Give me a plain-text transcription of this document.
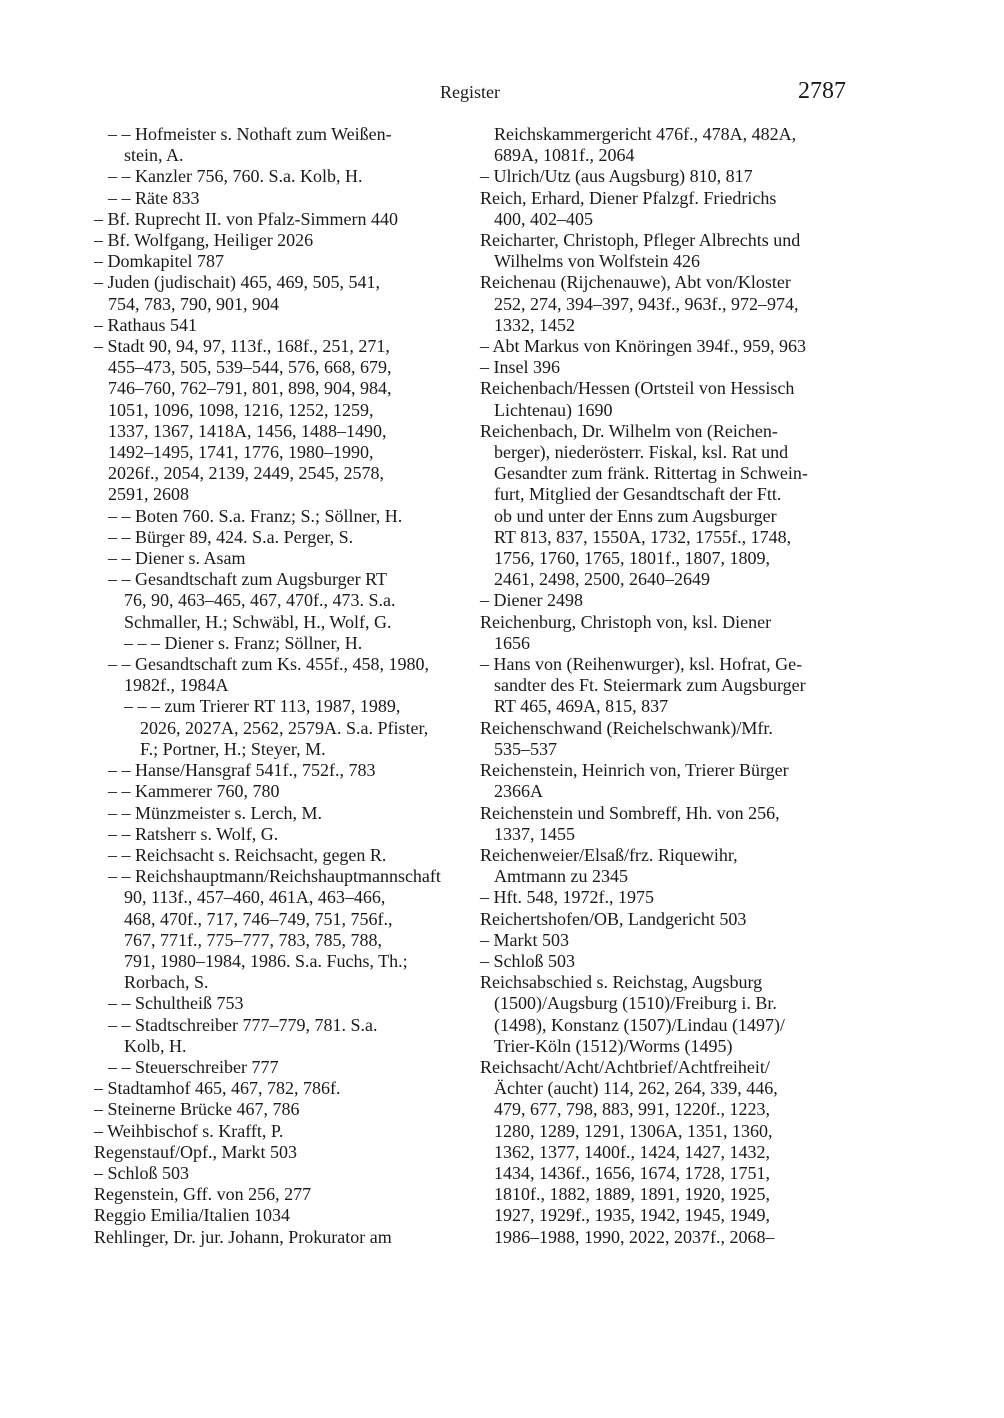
Register	2787
– – Hofmeister s. Nothaft zum Weißen-
stein, A.
– – Kanzler 756, 760. S.a. Kolb, H.
– – Räte 833
– Bf. Ruprecht II. von Pfalz-Simmern 440
– Bf. Wolfgang, Heiliger 2026
– Domkapitel 787
– Juden (judischait) 465, 469, 505, 541,
754, 783, 790, 901, 904
– Rathaus 541
– Stadt 90, 94, 97, 113f., 168f., 251, 271,
455–473, 505, 539–544, 576, 668, 679,
746–760, 762–791, 801, 898, 904, 984,
1051, 1096, 1098, 1216, 1252, 1259,
1337, 1367, 1418A, 1456, 1488–1490,
1492–1495, 1741, 1776, 1980–1990,
2026f., 2054, 2139, 2449, 2545, 2578,
2591, 2608
– – Boten 760. S.a. Franz; S.; Söllner, H.
– – Bürger 89, 424. S.a. Perger, S.
– – Diener s. Asam
– – Gesandtschaft zum Augsburger RT
76, 90, 463–465, 467, 470f., 473. S.a.
Schmaller, H.; Schwäbl, H., Wolf, G.
– – – Diener s. Franz; Söllner, H.
– – Gesandtschaft zum Ks. 455f., 458, 1980,
1982f., 1984A
– – – zum Trierer RT 113, 1987, 1989,
2026, 2027A, 2562, 2579A. S.a. Pfister,
F.; Portner, H.; Steyer, M.
– – Hanse/Hansgraf 541f., 752f., 783
– – Kammerer 760, 780
– – Münzmeister s. Lerch, M.
– – Ratsherr s. Wolf, G.
– – Reichsacht s. Reichsacht, gegen R.
– – Reichshauptmann/Reichshauptmannschaft
90, 113f., 457–460, 461A, 463–466,
468, 470f., 717, 746–749, 751, 756f.,
767, 771f., 775–777, 783, 785, 788,
791, 1980–1984, 1986. S.a. Fuchs, Th.;
Rorbach, S.
– – Schultheiß 753
– – Stadtschreiber 777–779, 781. S.a.
Kolb, H.
– – Steuerschreiber 777
– Stadtamhof 465, 467, 782, 786f.
– Steinerne Brücke 467, 786
– Weihbischof s. Krafft, P.
Regenstauf/Opf., Markt 503
– Schloß 503
Regenstein, Gff. von 256, 277
Reggio Emilia/Italien 1034
Rehlinger, Dr. jur. Johann, Prokurator am
Reichskammergericht 476f., 478A, 482A,
689A, 1081f., 2064
– Ulrich/Utz (aus Augsburg) 810, 817
Reich, Erhard, Diener Pfalzgf. Friedrichs
400, 402–405
Reicharter, Christoph, Pfleger Albrechts und
Wilhelms von Wolfstein 426
Reichenau (Rijchenauwe), Abt von/Kloster
252, 274, 394–397, 943f., 963f., 972–974,
1332, 1452
– Abt Markus von Knöringen 394f., 959, 963
– Insel 396
Reichenbach/Hessen (Ortsteil von Hessisch
Lichtenau) 1690
Reichenbach, Dr. Wilhelm von (Reichen-
berger), niederösterr. Fiskal, ksl. Rat und
Gesandter zum fränk. Rittertag in Schwein-
furt, Mitglied der Gesandtschaft der Ftt.
ob und unter der Enns zum Augsburger
RT 813, 837, 1550A, 1732, 1755f., 1748,
1756, 1760, 1765, 1801f., 1807, 1809,
2461, 2498, 2500, 2640–2649
– Diener 2498
Reichenburg, Christoph von, ksl. Diener
1656
– Hans von (Reihenwurger), ksl. Hofrat, Ge-
sandter des Ft. Steiermark zum Augsburger
RT 465, 469A, 815, 837
Reichenschwand (Reichelschwank)/Mfr.
535–537
Reichenstein, Heinrich von, Trierer Bürger
2366A
Reichenstein und Sombreff, Hh. von 256,
1337, 1455
Reichenweier/Elsaß/frz. Riquewihr,
Amtmann zu 2345
– Hft. 548, 1972f., 1975
Reichertshofen/OB, Landgericht 503
– Markt 503
– Schloß 503
Reichsabschied s. Reichstag, Augsburg
(1500)/Augsburg (1510)/Freiburg i. Br.
(1498), Konstanz (1507)/Lindau (1497)/
Trier-Köln (1512)/Worms (1495)
Reichsacht/Acht/Achtbrief/Achtfreiheit/
Ächter (aucht) 114, 262, 264, 339, 446,
479, 677, 798, 883, 991, 1220f., 1223,
1280, 1289, 1291, 1306A, 1351, 1360,
1362, 1377, 1400f., 1424, 1427, 1432,
1434, 1436f., 1656, 1674, 1728, 1751,
1810f., 1882, 1889, 1891, 1920, 1925,
1927, 1929f., 1935, 1942, 1945, 1949,
1986–1988, 1990, 2022, 2037f., 2068–
